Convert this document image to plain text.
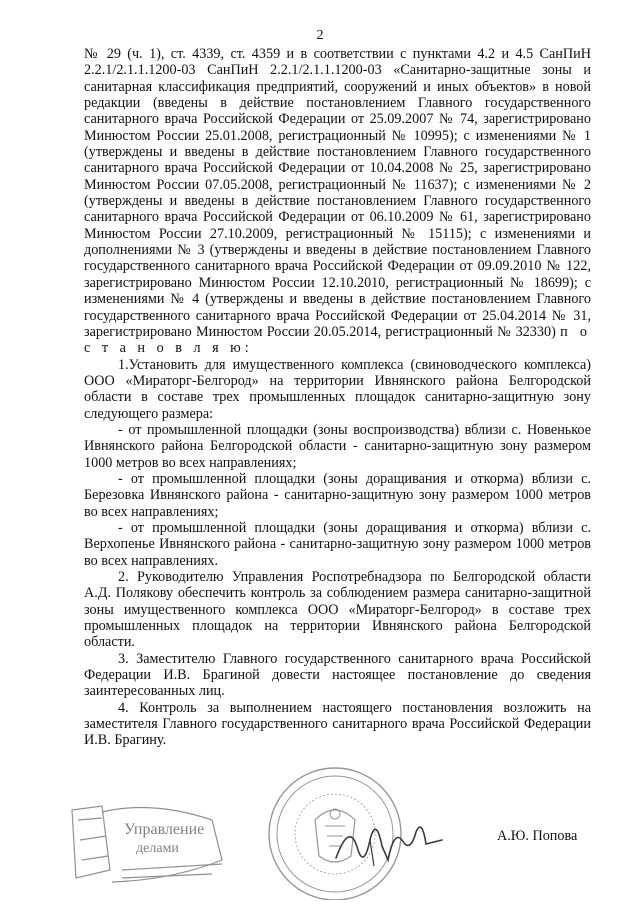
2

№ 29 (ч. 1), ст. 4339, ст. 4359 и в соответствии с пунктами 4.2 и 4.5 СанПиН 2.2.1/2.1.1.1200-03 СанПиН 2.2.1/2.1.1.1200-03 «Санитарно-защитные зоны и санитарная классификация предприятий, сооружений и иных объектов» в новой редакции (введены в действие постановлением Главного государственного санитарного врача Российской Федерации от 25.09.2007 № 74, зарегистрировано Минюстом России 25.01.2008, регистрационный № 10995); с изменениями № 1 (утверждены и введены в действие постановлением Главного государственного санитарного врача Российской Федерации от 10.04.2008 № 25, зарегистрировано Минюстом России 07.05.2008, регистрационный № 11637); с изменениями № 2 (утверждены и введены в действие постановлением Главного государственного санитарного врача Российской Федерации от 06.10.2009 № 61, зарегистрировано Минюстом России 27.10.2009, регистрационный № 15115); с изменениями и дополнениями № 3 (утверждены и введены в действие постановлением Главного государственного санитарного врача Российской Федерации от 09.09.2010 № 122, зарегистрировано Минюстом России 12.10.2010, регистрационный № 18699); с изменениями № 4 (утверждены и введены в действие постановлением Главного государственного санитарного врача Российской Федерации от 25.04.2014 № 31, зарегистрировано Минюстом России 20.05.2014, регистрационный № 32330) п о с т а н о в л я ю:

1.Установить для имущественного комплекса (свиноводческого комплекса) ООО «Мираторг-Белгород» на территории Ивнянского района Белгородской области в составе трех промышленных площадок санитарно-защитную зону следующего размера:

- от промышленной площадки (зоны воспроизводства) вблизи с. Новенькое Ивнянского района Белгородской области - санитарно-защитную зону размером 1000 метров во всех направлениях;

- от промышленной площадки (зоны доращивания и откорма) вблизи с. Березовка Ивнянского района - санитарно-защитную зону размером 1000 метров во всех направлениях;

- от промышленной площадки (зоны доращивания и откорма) вблизи с. Верхопенье Ивнянского района - санитарно-защитную зону размером 1000 метров во всех направлениях.

2. Руководителю Управления Роспотребнадзора по Белгородской области А.Д. Полякову обеспечить контроль за соблюдением размера санитарно-защитной зоны имущественного комплекса ООО «Мираторг-Белгород» в составе трех промышленных площадок на территории Ивнянского района Белгородской области.

3. Заместителю Главного государственного санитарного врача Российской Федерации И.В. Брагиной довести настоящее постановление до сведения заинтересованных лиц.

4. Контроль за выполнением настоящего постановления возложить на заместителя Главного государственного санитарного врача Российской Федерации И.В. Брагину.

Управление
делами
А.Ю. Попова
